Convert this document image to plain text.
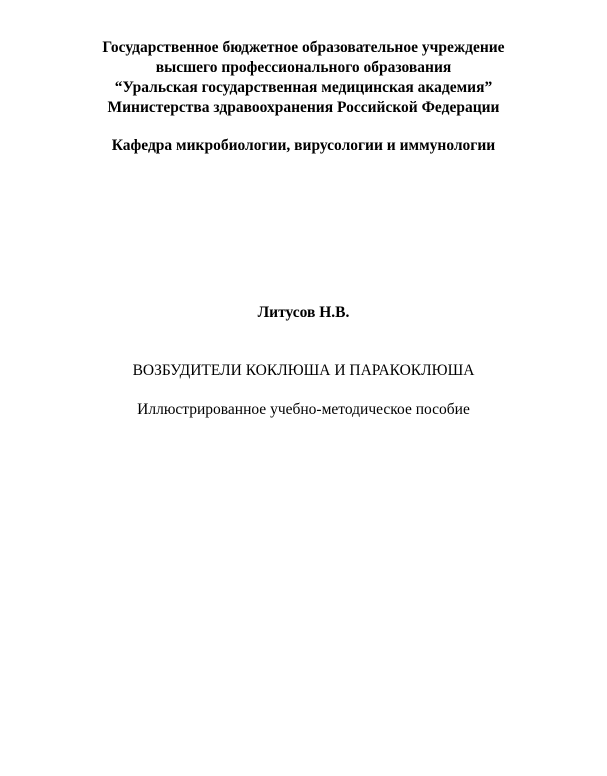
Государственное бюджетное образовательное учреждение
высшего профессионального образования
“Уральская государственная медицинская академия”
Министерства здравоохранения Российской Федерации
Кафедра микробиологии, вирусологии и иммунологии
Литусов Н.В.
ВОЗБУДИТЕЛИ КОКЛЮША И ПАРАКОКЛЮША
Иллюстрированное учебно-методическое пособие
